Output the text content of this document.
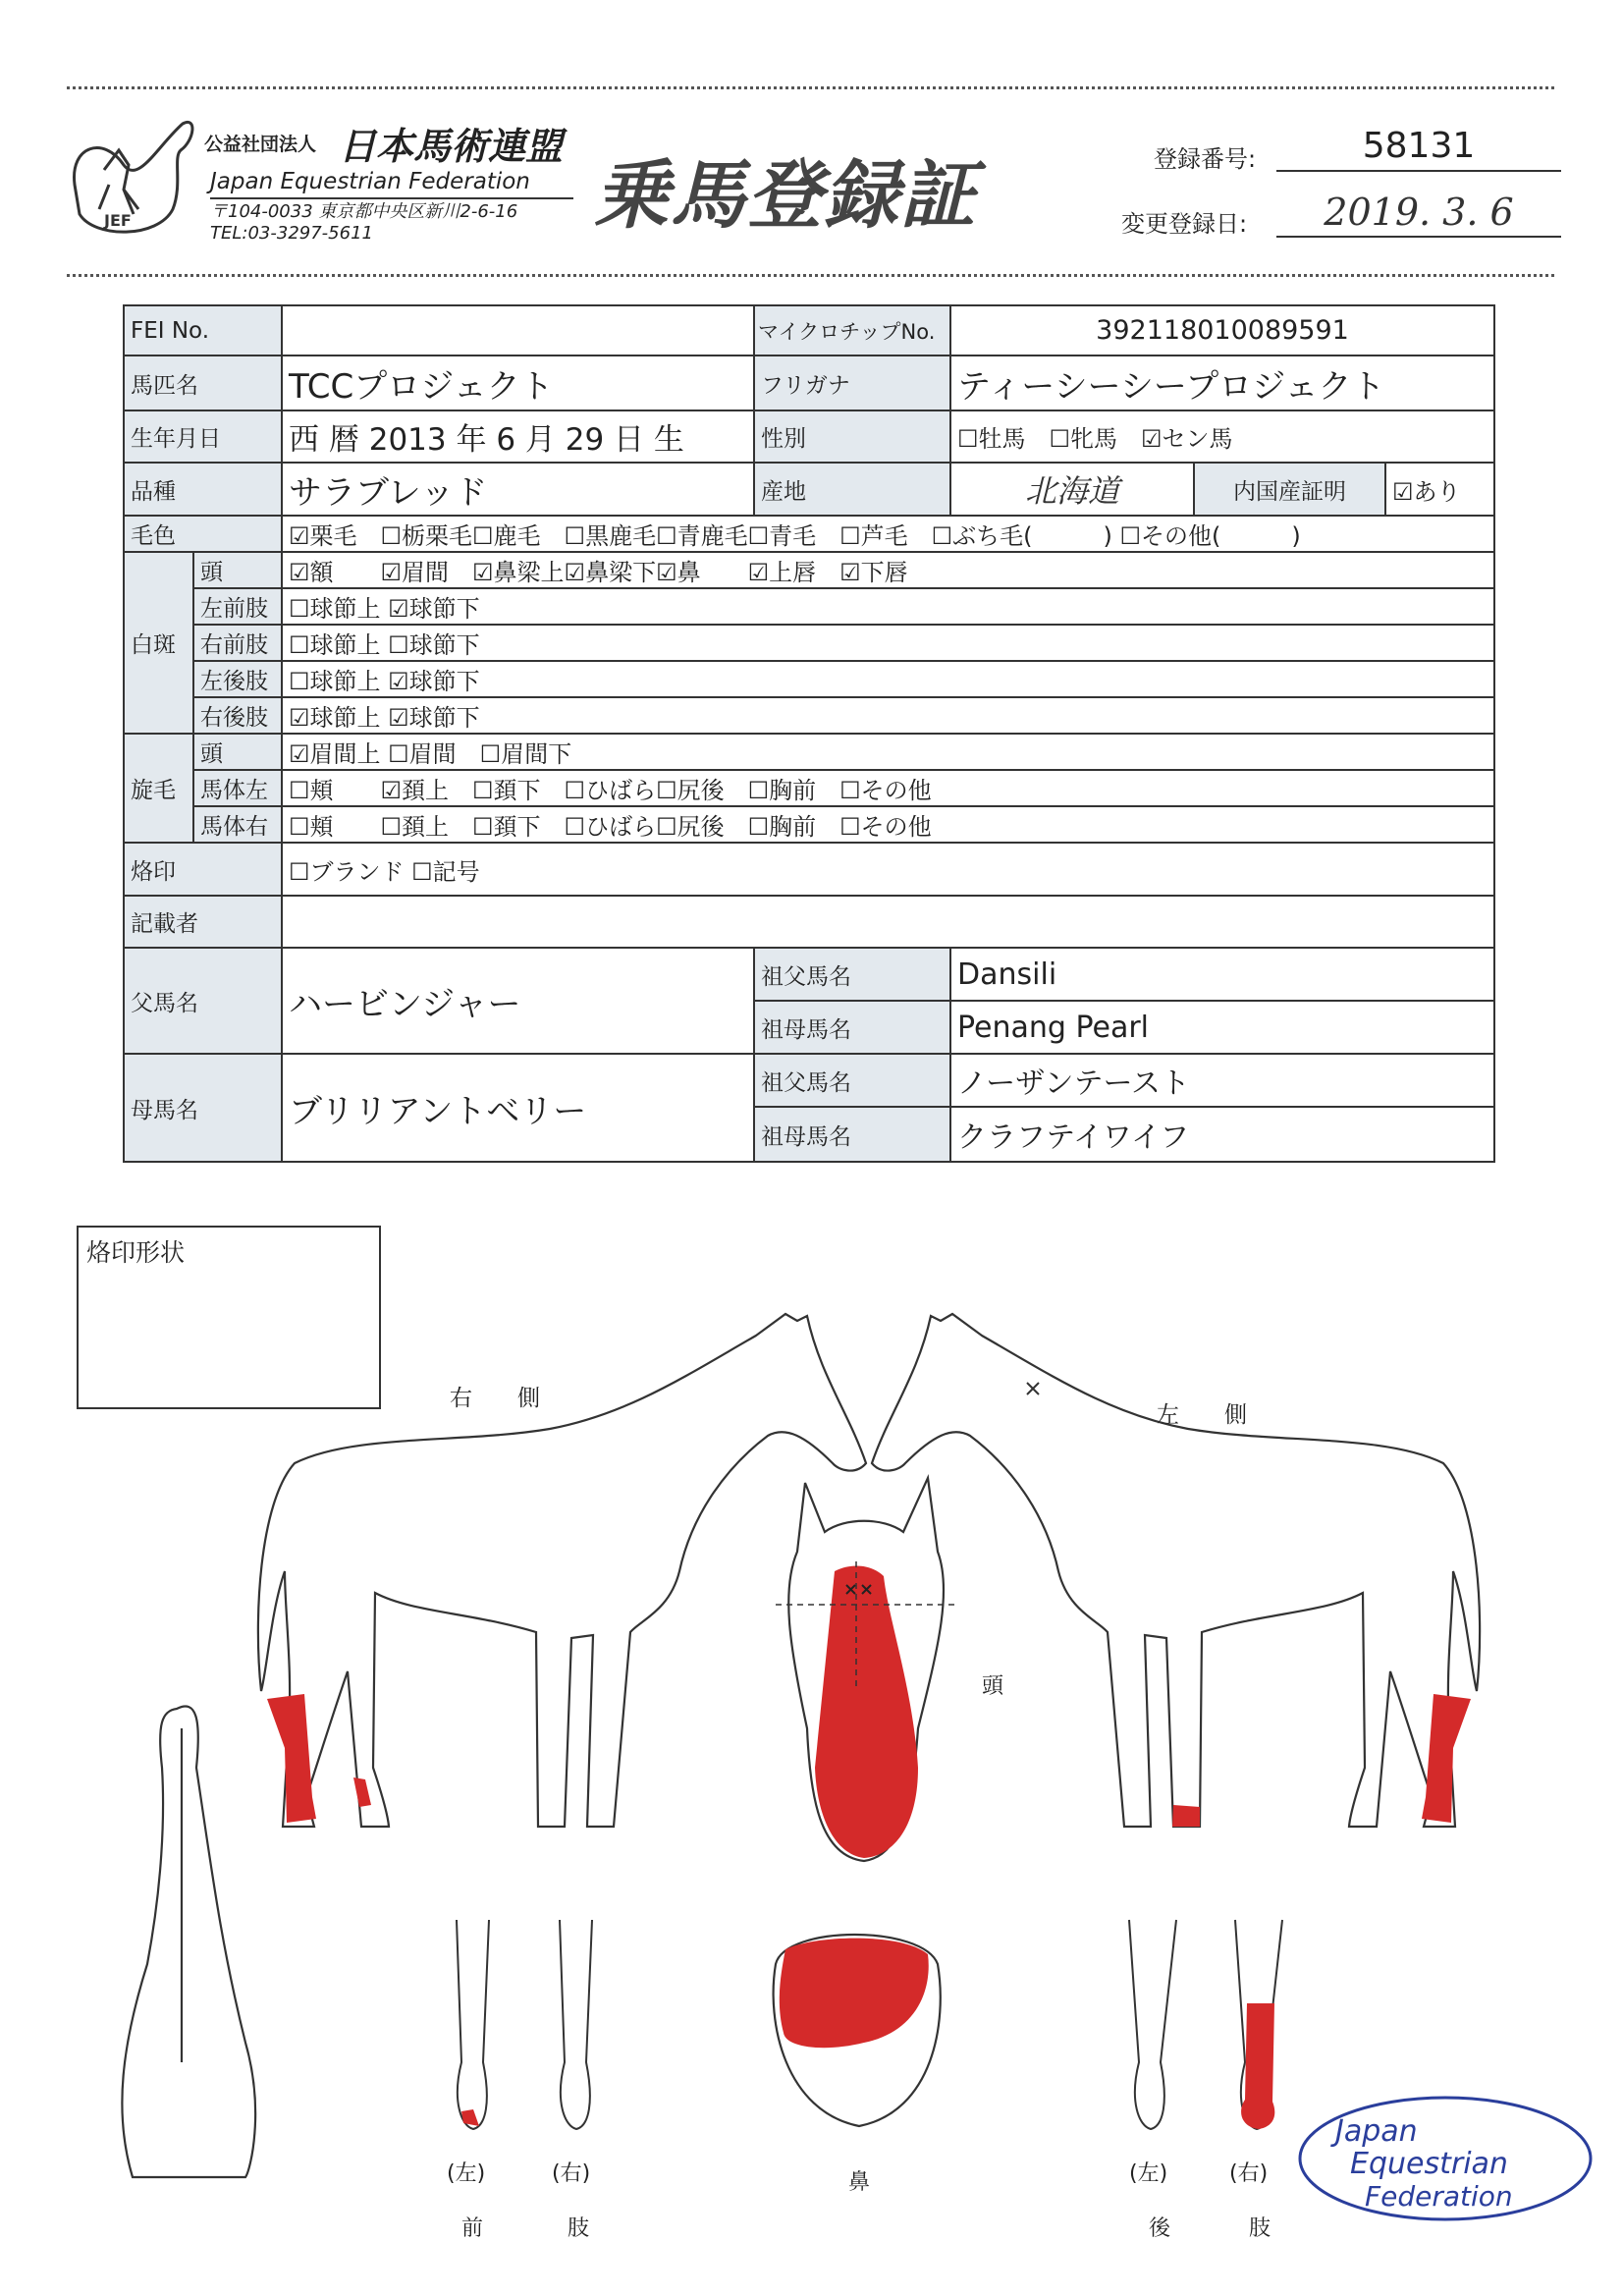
JEF
公益社団法人 日本馬術連盟
Japan Equestrian Federation
〒104-0033 東京都中央区新川2-6-16
TEL:03-3297-5611	乗馬登録証	登録番号:	58131
変更登録日:	2019. 3. 6
FEI No.			マイクロチップNo.	392118010089591		
馬匹名		TCCプロジェクト	フリガナ	ティーシーシープロジェクト		
生年月日		西 暦 2013 年 6 月 29 日 生	性別	☐牡馬　☐牝馬　☑セン馬		
品種		サラブレッド	産地	北海道	内国産証明	☑あり
毛色		☑栗毛　☐栃栗毛☐鹿毛　☐黒鹿毛☐青鹿毛☐青毛　☐芦毛　☐ぶち毛(　　　) ☐その他(　　　)				
白斑	頭	☑額　　☑眉間　☑鼻梁上☑鼻梁下☑鼻　　☑上唇　☑下唇				
	左前肢	☐球節上 ☑球節下				
	右前肢	☐球節上 ☐球節下				
	左後肢	☐球節上 ☑球節下				
	右後肢	☑球節上 ☑球節下				
旋毛	頭	☑眉間上 ☐眉間　☐眉間下				
	馬体左	☐頬　　☑頚上　☐頚下　☐ひばら☐尻後　☐胸前　☐その他				
	馬体右	☐頬　　☐頚上　☐頚下　☐ひばら☐尻後　☐胸前　☐その他				
烙印		☐ブランド ☐記号				
記載者						
父馬名		ハービンジャー	祖父馬名	Dansili		
			祖母馬名	Penang Pearl		
母馬名		ブリリアントベリー	祖父馬名	ノーザンテースト		
			祖母馬名	クラフテイワイフ		
烙印形状
Japan
Equestrian
Federation
右　　側
左　　側
頭
鼻
(左)	(右)
前	肢
(左)	(右)
後	肢
